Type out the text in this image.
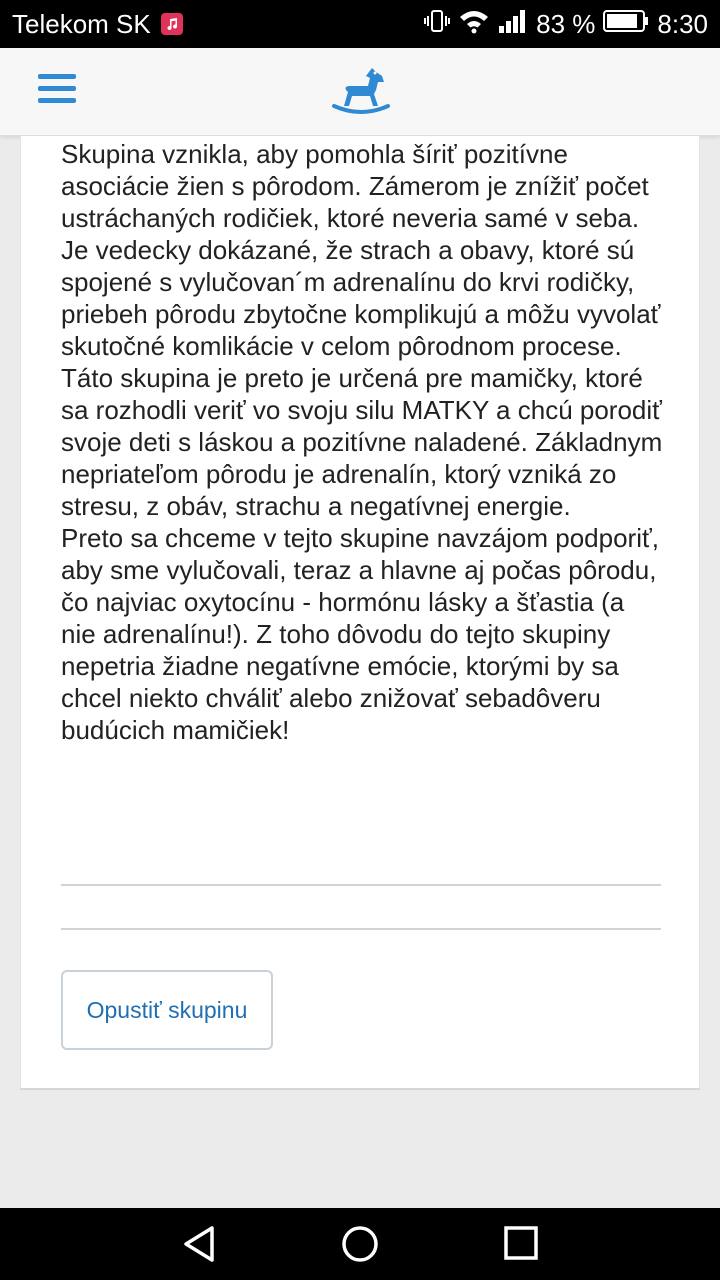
Telekom SK	83 % 8:30

Skupina vznikla, aby pomohla šíriť pozitívne asociácie žien s pôrodom. Zámerom je znížiť počet ustráchaných rodičiek, ktoré neveria samé v seba. Je vedecky dokázané, že strach a obavy, ktoré sú spojené s vylučovan´m adrenalínu do krvi rodičky, priebeh pôrodu zbytočne komplikujú a môžu vyvolať skutočné komlikácie v celom pôrodnom procese.

Táto skupina je preto je určená pre mamičky, ktoré sa rozhodli veriť vo svoju silu MATKY a chcú porodiť svoje deti s láskou a pozitívne naladené. Základnym nepriateľom pôrodu je adrenalín, ktorý vzniká zo stresu, z obáv, strachu a negatívnej energie.

Preto sa chceme v tejto skupine navzájom podporiť, aby sme vylučovali, teraz a hlavne aj počas pôrodu, čo najviac oxytocínu - hormónu lásky a šťastia (a nie adrenalínu!). Z toho dôvodu do tejto skupiny nepetria žiadne negatívne emócie, ktorými by sa chcel niekto chváliť alebo znižovať sebadôveru budúcich mamičiek!

Opustiť skupinu
